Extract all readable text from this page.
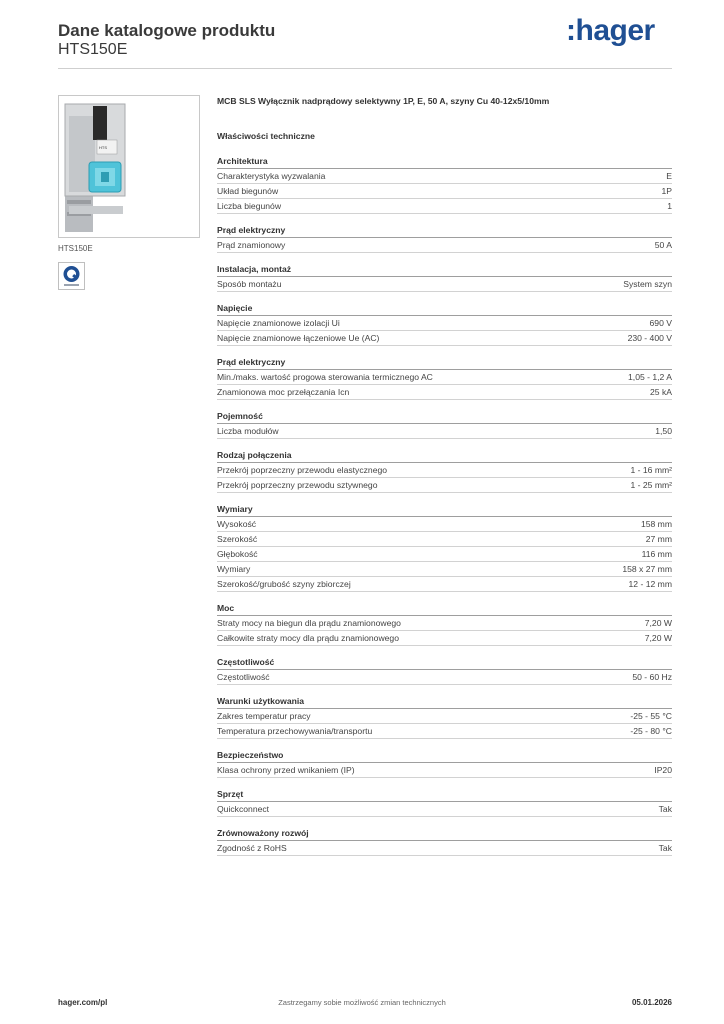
Dane katalogowe produktu
HTS150E
:hager
HTS
HTS150E
MCB SLS Wyłącznik nadprądowy selektywny 1P, E, 50 A, szyny Cu 40-12x5/10mm
Właściwości techniczne
Architektura
Charakterystyka wyzwalania	E
Układ biegunów	1P
Liczba biegunów	1
Prąd elektryczny
Prąd znamionowy	50 A
Instalacja, montaż
Sposób montażu	System szyn
Napięcie
Napięcie znamionowe izolacji Ui	690 V
Napięcie znamionowe łączeniowe Ue (AC)	230 - 400 V
Prąd elektryczny
Min./maks. wartość progowa sterowania termicznego AC	1,05 - 1,2 A
Znamionowa moc przełączania Icn	25 kA
Pojemność
Liczba modułów	1,50
Rodzaj połączenia
Przekrój poprzeczny przewodu elastycznego	1 - 16 mm²
Przekrój poprzeczny przewodu sztywnego	1 - 25 mm²
Wymiary
Wysokość	158 mm
Szerokość	27 mm
Głębokość	116 mm
Wymiary	158 x 27 mm
Szerokość/grubość szyny zbiorczej	12 - 12 mm
Moc
Straty mocy na biegun dla prądu znamionowego	7,20 W
Całkowite straty mocy dla prądu znamionowego	7,20 W
Częstotliwość
Częstotliwość	50 - 60 Hz
Warunki użytkowania
Zakres temperatur pracy	-25 - 55 °C
Temperatura przechowywania/transportu	-25 - 80 °C
Bezpieczeństwo
Klasa ochrony przed wnikaniem (IP)	IP20
Sprzęt
Quickconnect	Tak
Zrównoważony rozwój
Zgodność z RoHS	Tak
hager.com/pl	Zastrzegamy sobie możliwość zmian technicznych	05.01.2026
